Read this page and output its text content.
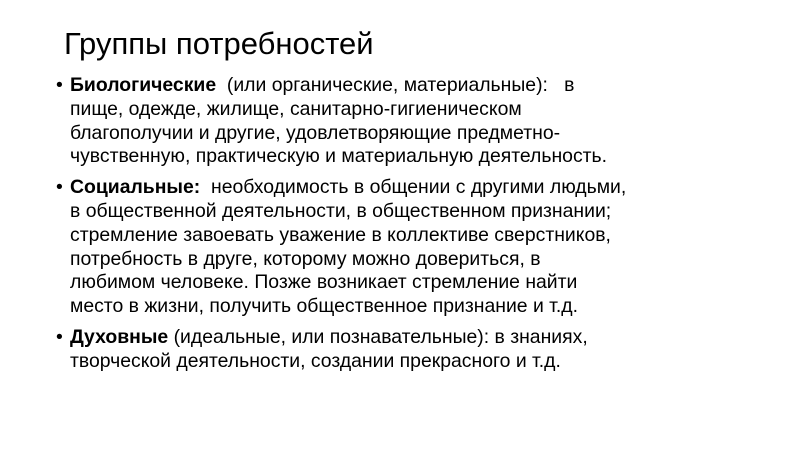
Группы потребностей
• Биологические  (или органические, материальные):   в
пище, одежде, жилище, санитарно-гигиеническом
благополучии и другие, удовлетворяющие предметно-
чувственную, практическую и материальную деятельность.
• Социальные:  необходимость в общении с другими людьми,
в общественной деятельности, в общественном признании;
стремление завоевать уважение в коллективе сверстников,
потребность в друге, которому можно довериться, в
любимом человеке. Позже возникает стремление найти
место в жизни, получить общественное признание и т.д.
• Духовные (идеальные, или познавательные): в знаниях,
творческой деятельности, создании прекрасного и т.д.
